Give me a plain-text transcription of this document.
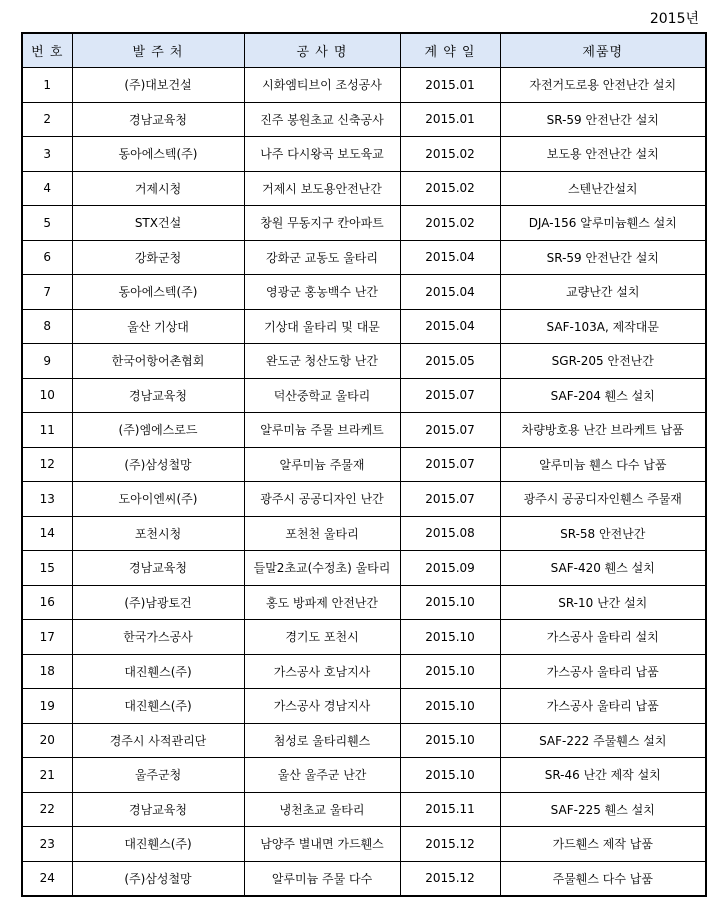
2015년
번 호	발 주 처	공 사 명	계 약 일	제품명
1	(주)대보건설	시화엠티브이 조성공사	2015.01	자전거도로용 안전난간 설치
2	경남교육청	진주 봉원초교 신축공사	2015.01	SR-59 안전난간 설치
3	동아에스텍(주)	나주 다시왕곡 보도육교	2015.02	보도용 안전난간 설치
4	거제시청	거제시 보도용안전난간	2015.02	스텐난간설치
5	STX건설	창원 무동지구 칸아파트	2015.02	DJA-156 알루미늄휀스 설치
6	강화군청	강화군 교동도 울타리	2015.04	SR-59 안전난간 설치
7	동아에스텍(주)	영광군 홍농백수 난간	2015.04	교량난간 설치
8	울산 기상대	기상대 울타리 및 대문	2015.04	SAF-103A, 제작대문
9	한국어항어촌협회	완도군 청산도항 난간	2015.05	SGR-205 안전난간
10	경남교육청	덕산중학교 울타리	2015.07	SAF-204 휀스 설치
11	(주)엠에스로드	알루미늄 주물 브라케트	2015.07	차량방호용 난간 브라케트 납품
12	(주)삼성철망	알루미늄 주물재	2015.07	알루미늄 휀스 다수 납품
13	도아이엔씨(주)	광주시 공공디자인 난간	2015.07	광주시 공공디자인휀스 주물재
14	포천시청	포천천 울타리	2015.08	SR-58 안전난간
15	경남교육청	들말2초교(수정초) 울타리	2015.09	SAF-420 휀스 설치
16	(주)남광토건	홍도 방파제 안전난간	2015.10	SR-10 난간 설치
17	한국가스공사	경기도 포천시	2015.10	가스공사 울타리 설치
18	대진휀스(주)	가스공사 호남지사	2015.10	가스공사 울타리 납품
19	대진휀스(주)	가스공사 경남지사	2015.10	가스공사 울타리 납품
20	경주시 사적관리단	첨성로 울타리휀스	2015.10	SAF-222 주물휀스 설치
21	울주군청	울산 울주군 난간	2015.10	SR-46 난간 제작 설치
22	경남교육청	냉천초교 울타리	2015.11	SAF-225 휀스 설치
23	대진휀스(주)	남양주 별내면 가드휀스	2015.12	가드휀스 제작 납품
24	(주)삼성철망	알루미늄 주물 다수	2015.12	주물휀스 다수 납품
